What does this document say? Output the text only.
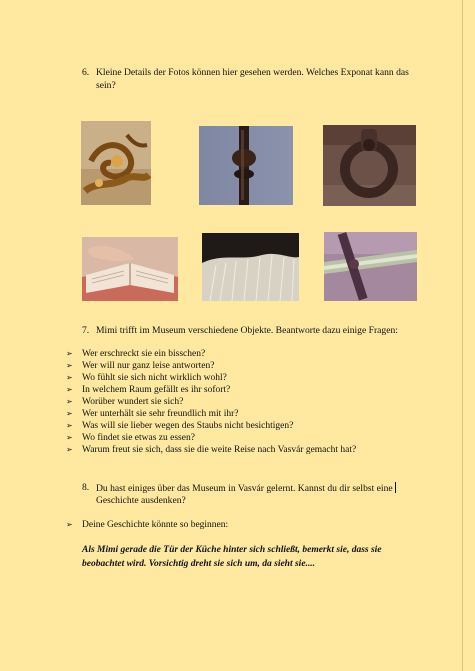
6. Kleine Details der Fotos können hier gesehen werden. Welches Exponat kann das
sein?
7. Mimi trifft im Museum verschiedene Objekte. Beantworte dazu einige Fragen:
➢ Wer erschreckt sie ein bisschen?
➢ Wer will nur ganz leise antworten?
➢ Wo fühlt sie sich nicht wirklich wohl?
➢ In welchem Raum gefällt es ihr sofort?
➢ Worüber wundert sie sich?
➢ Wer unterhält sie sehr freundlich mit ihr?
➢ Was will sie lieber wegen des Staubs nicht besichtigen?
➢ Wo findet sie etwas zu essen?
➢ Warum freut sie sich, dass sie die weite Reise nach Vasvár gemacht hat?
8. Du hast einiges über das Museum in Vasvár gelernt. Kannst du dir selbst eine
Geschichte ausdenken?
➢ Deine Geschichte könnte so beginnen:
Als Mimi gerade die Tür der Küche hinter sich schließt, bemerkt sie, dass sie beobachtet wird. Vorsichtig dreht sie sich um, da sieht sie....
